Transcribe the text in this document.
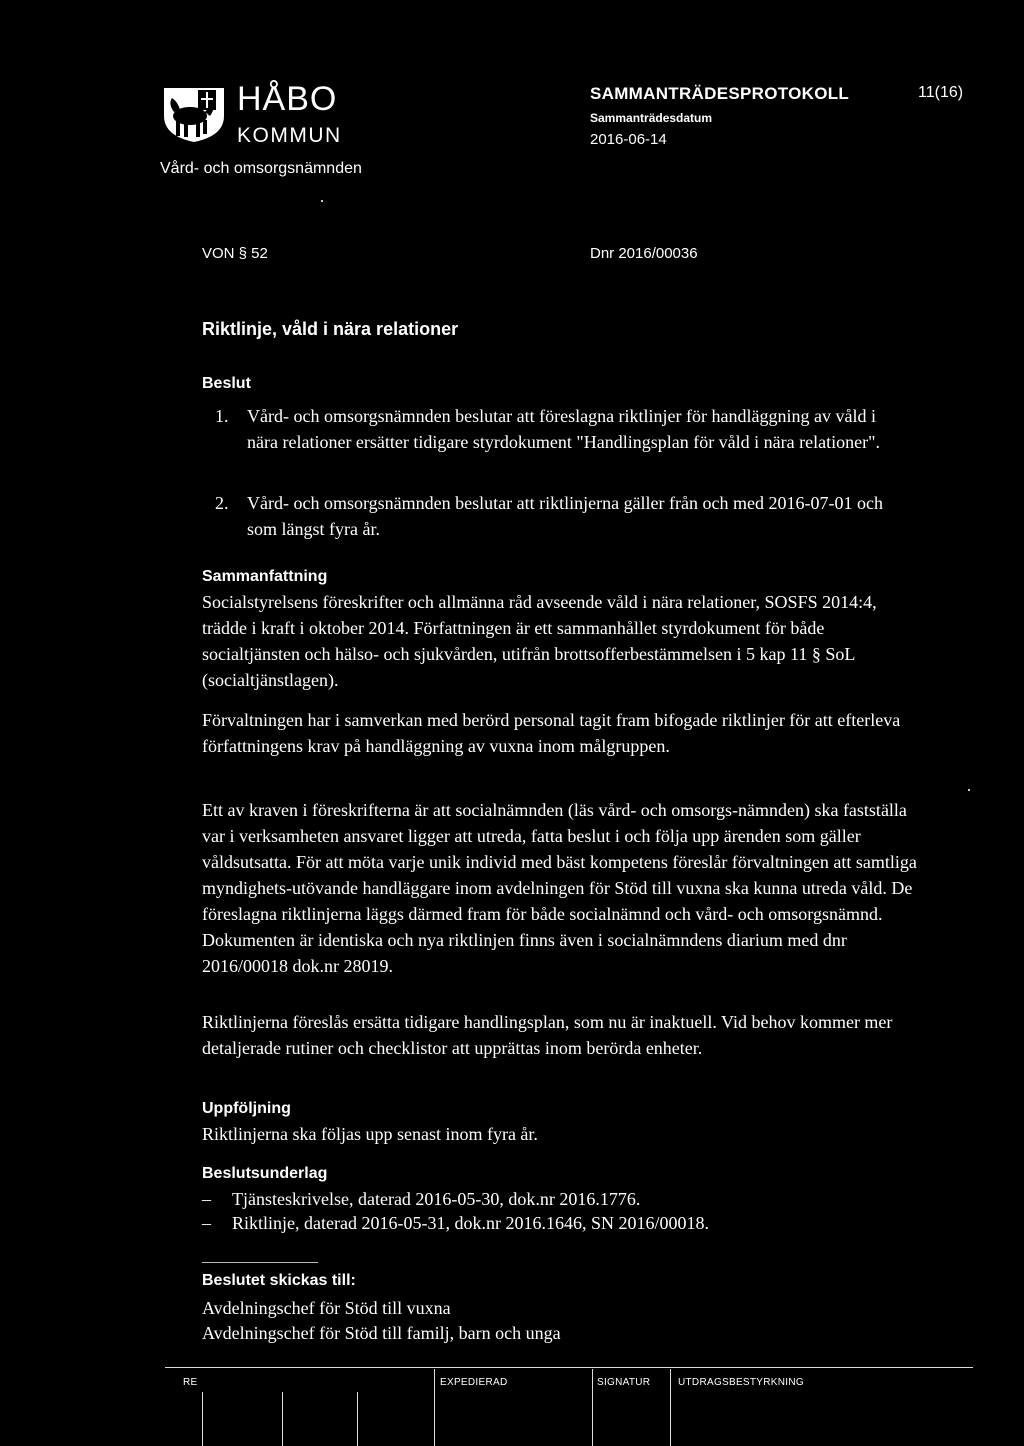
HÅBO
KOMMUN
Vård- och omsorgsnämnden
SAMMANTRÄDESPROTOKOLL	11(16)
Sammanträdesdatum
2016-06-14
VON § 52	Dnr 2016/00036
Riktlinje, våld i nära relationer
Beslut
1.	Vård- och omsorgsnämnden beslutar att föreslagna riktlinjer för handläggning av våld i nära relationer ersätter tidigare styrdokument "Handlingsplan för våld i nära relationer".
2.	Vård- och omsorgsnämnden beslutar att riktlinjerna gäller från och med 2016-07-01 och som längst fyra år.
Sammanfattning
Socialstyrelsens föreskrifter och allmänna råd avseende våld i nära relationer, SOSFS 2014:4, trädde i kraft i oktober 2014. Författningen är ett sammanhållet styrdokument för både socialtjänsten och hälso- och sjukvården, utifrån brottsofferbestämmelsen i 5 kap 11 § SoL (socialtjänstlagen).
Förvaltningen har i samverkan med berörd personal tagit fram bifogade riktlinjer för att efterleva författningens krav på handläggning av vuxna inom målgruppen.
Ett av kraven i föreskrifterna är att socialnämnden (läs vård- och omsorgs-nämnden) ska fastställa var i verksamheten ansvaret ligger att utreda, fatta beslut i och följa upp ärenden som gäller våldsutsatta. För att möta varje unik individ med bäst kompetens föreslår förvaltningen att samtliga myndighets-utövande handläggare inom avdelningen för Stöd till vuxna ska kunna utreda våld. De föreslagna riktlinjerna läggs därmed fram för både socialnämnd och vård- och omsorgsnämnd. Dokumenten är identiska och nya riktlinjen finns även i socialnämndens diarium med dnr 2016/00018 dok.nr 28019.
Riktlinjerna föreslås ersätta tidigare handlingsplan, som nu är inaktuell. Vid behov kommer mer detaljerade rutiner och checklistor att upprättas inom berörda enheter.
Uppföljning
Riktlinjerna ska följas upp senast inom fyra år.
Beslutsunderlag
– Tjänsteskrivelse, daterad 2016-05-30, dok.nr 2016.1776.
– Riktlinje, daterad 2016-05-31, dok.nr 2016.1646, SN 2016/00018.
Beslutet skickas till:
Avdelningschef för Stöd till vuxna
Avdelningschef för Stöd till familj, barn och unga
RE	EXPEDIERAD	SIGNATUR	UTDRAGSBESTYRKNING
